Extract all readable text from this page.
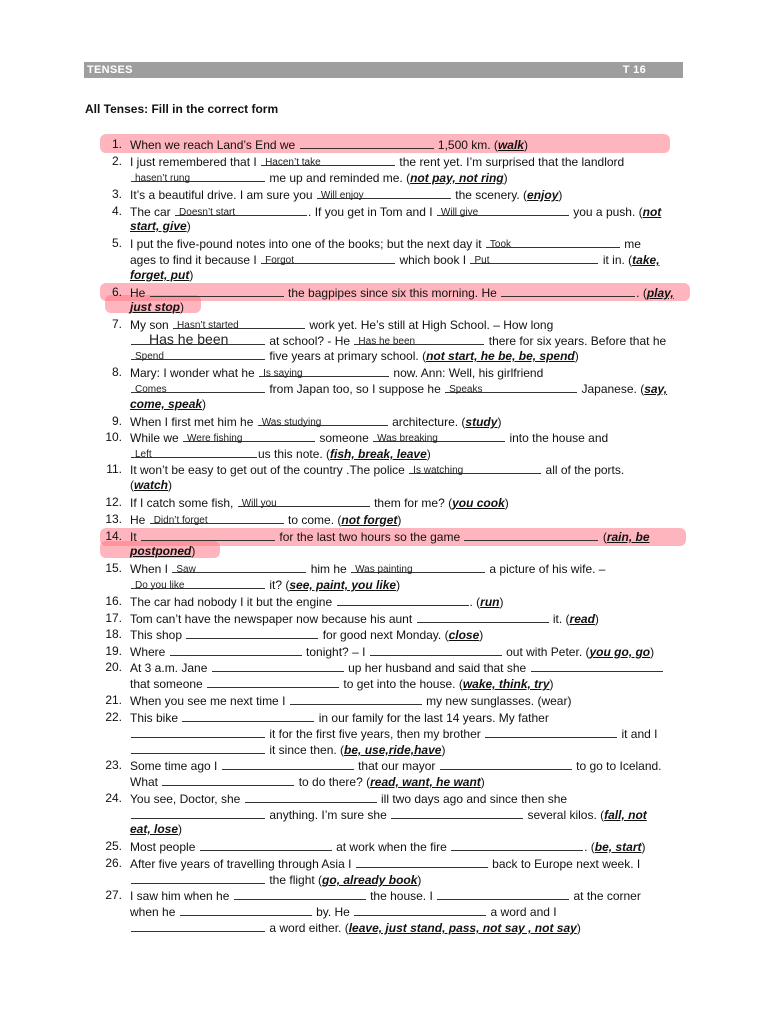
TENSES	T 16
All Tenses: Fill in the correct form
1. When we reach Land’s End we	1,500 km. (walk)
2. I just remembered that I Hacen’t take	the rent yet. I’m surprised that the landlord
hasen’t rung	me up and reminded me. (not pay, not ring)
3. It’s a beautiful drive. I am sure you Will enjoy	the scenery. (enjoy)
4. The car Doesn’t start	. If you get in Tom and I Will give	you a push. (not
start, give)
5. I put the five-pound notes into one of the books; but the next day it Took	me
ages to find it because I Forgot	which book I Put	it in. (take,
forget, put)
6. He	the bagpipes since six this morning. He	. (play,
just stop)
7. My son Hasn’t started	work yet. He’s still at High School. – How long
Has he been	at school? - He Has he been	there for six years. Before that he
Spend	five years at primary school. (not start, he be, be, spend)
8. Mary: I wonder what he Is saying	now. Ann: Well, his girlfriend
Comes	from Japan too, so I suppose he Speaks	Japanese. (say,
come, speak)
9. When I first met him he Was studying	architecture. (study)
10. While we Were fishing	someone Was breaking	into the house and
Left	us this note. (fish, break, leave)
11. It won’t be easy to get out of the country .The police Is watching	all of the ports.
(watch)
12. If I catch some fish, Will you	them for me? (you cook)
13. He Didn’t forget	to come. (not forget)
14. It	for the last two hours so the game	(rain, be
postponed)
15. When I Saw	him he Was painting	a picture of his wife. –
Do you like	it? (see, paint, you like)
16. The car had nobody I it but the engine	. (run)
17. Tom can’t have the newspaper now because his aunt	it. (read)
18. This shop	for good next Monday. (close)
19. Where	tonight? – I	out with Peter. (you go, go)
20. At 3 a.m. Jane	up her husband and said that she
that someone	to get into the house. (wake, think, try)
21. When you see me next time I	my new sunglasses. (wear)
22. This bike	in our family for the last 14 years. My father
it for the first five years, then my brother	it and I
it since then. (be, use,ride,have)
23. Some time ago I	that our mayor	to go to Iceland.
What	to do there? (read, want, he want)
24. You see, Doctor, she	ill two days ago and since then she
anything. I’m sure she	several kilos. (fall, not
eat, lose)
25. Most people	at work when the fire	. (be, start)
26. After five years of travelling through Asia I	back to Europe next week. I
the flight (go, already book)
27. I saw him when he	the house. I	at the corner
when he	by. He	a word and I
a word either. (leave, just stand, pass, not say , not say)
